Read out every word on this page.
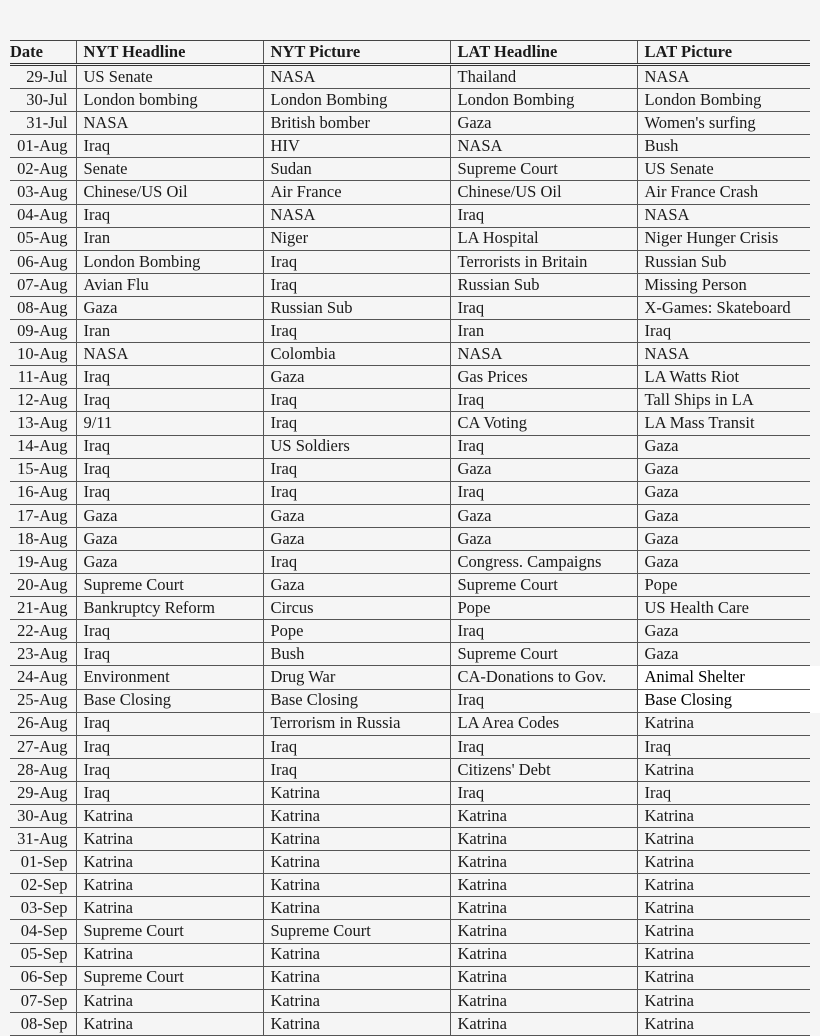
Date	NYT Headline	NYT Picture	LAT Headline	LAT Picture
29-Jul	US Senate	NASA	Thailand	NASA
30-Jul	London bombing	London Bombing	London Bombing	London Bombing
31-Jul	NASA	British bomber	Gaza	Women's surfing
01-Aug	Iraq	HIV	NASA	Bush
02-Aug	Senate	Sudan	Supreme Court	US Senate
03-Aug	Chinese/US Oil	Air France	Chinese/US Oil	Air France Crash
04-Aug	Iraq	NASA	Iraq	NASA
05-Aug	Iran	Niger	LA Hospital	Niger Hunger Crisis
06-Aug	London Bombing	Iraq	Terrorists in Britain	Russian Sub
07-Aug	Avian Flu	Iraq	Russian Sub	Missing Person
08-Aug	Gaza	Russian Sub	Iraq	X-Games: Skateboard
09-Aug	Iran	Iraq	Iran	Iraq
10-Aug	NASA	Colombia	NASA	NASA
11-Aug	Iraq	Gaza	Gas Prices	LA Watts Riot
12-Aug	Iraq	Iraq	Iraq	Tall Ships in LA
13-Aug	9/11	Iraq	CA Voting	LA Mass Transit
14-Aug	Iraq	US Soldiers	Iraq	Gaza
15-Aug	Iraq	Iraq	Gaza	Gaza
16-Aug	Iraq	Iraq	Iraq	Gaza
17-Aug	Gaza	Gaza	Gaza	Gaza
18-Aug	Gaza	Gaza	Gaza	Gaza
19-Aug	Gaza	Iraq	Congress. Campaigns	Gaza
20-Aug	Supreme Court	Gaza	Supreme Court	Pope
21-Aug	Bankruptcy Reform	Circus	Pope	US Health Care
22-Aug	Iraq	Pope	Iraq	Gaza
23-Aug	Iraq	Bush	Supreme Court	Gaza
24-Aug	Environment	Drug War	CA-Donations to Gov.	Animal Shelter
25-Aug	Base Closing	Base Closing	Iraq	Base Closing
26-Aug	Iraq	Terrorism in Russia	LA Area Codes	Katrina
27-Aug	Iraq	Iraq	Iraq	Iraq
28-Aug	Iraq	Iraq	Citizens' Debt	Katrina
29-Aug	Iraq	Katrina	Iraq	Iraq
30-Aug	Katrina	Katrina	Katrina	Katrina
31-Aug	Katrina	Katrina	Katrina	Katrina
01-Sep	Katrina	Katrina	Katrina	Katrina
02-Sep	Katrina	Katrina	Katrina	Katrina
03-Sep	Katrina	Katrina	Katrina	Katrina
04-Sep	Supreme Court	Supreme Court	Katrina	Katrina
05-Sep	Katrina	Katrina	Katrina	Katrina
06-Sep	Supreme Court	Katrina	Katrina	Katrina
07-Sep	Katrina	Katrina	Katrina	Katrina
08-Sep	Katrina	Katrina	Katrina	Katrina
